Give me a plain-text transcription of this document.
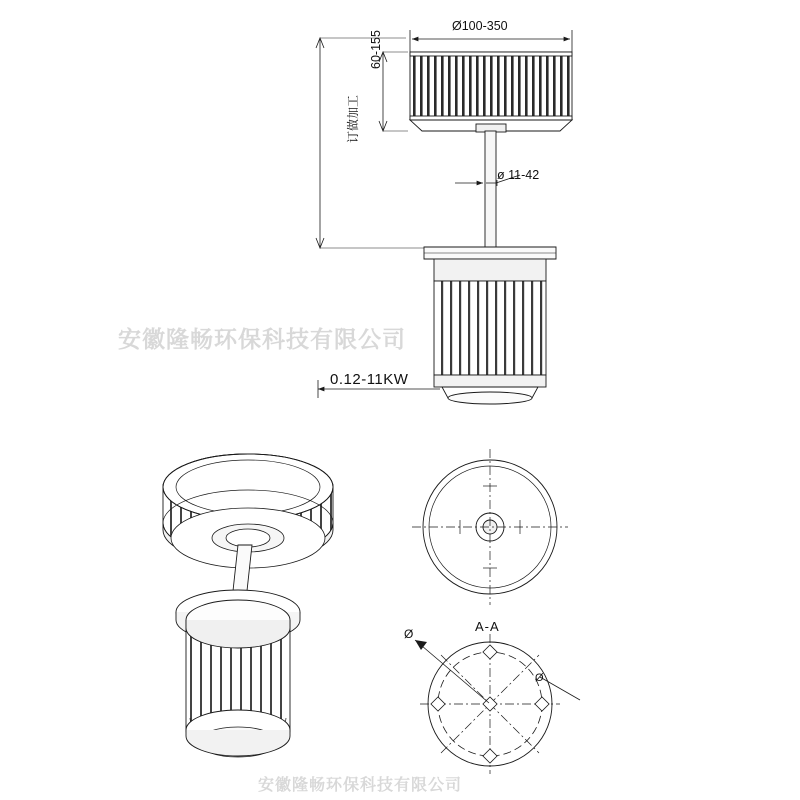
Ø100-350
60-155
订做加工
ø 11-42
0.12-11KW
A-A
Ø
Ø
安徽隆畅环保科技有限公司
安徽隆畅环保科技有限公司
